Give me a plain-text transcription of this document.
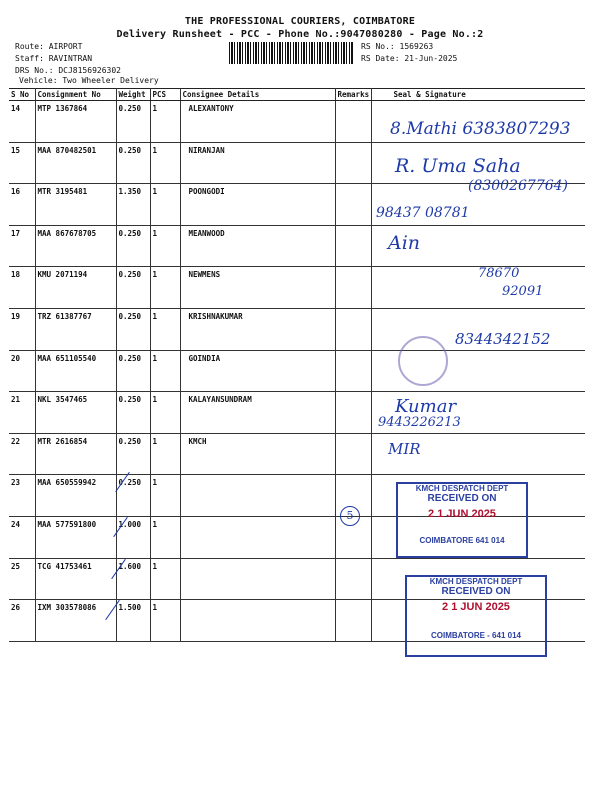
THE PROFESSIONAL COURIERS, COIMBATORE
Delivery Runsheet - PCC - Phone No.:9047080280 - Page No.:2
Route: AIRPORT
Staff: RAVINTRAN
DRS No.: DCJ8156926302
Vehicle: Two Wheeler Delivery
RS No.: 1569263
RS Date: 21-Jun-2025
S No	Consignment No	Weight	PCS	Consignee Details	Remarks	Seal & Signature
14	MTP 1367864	0.250	1	ALEXANTONY		
15	MAA 870482501	0.250	1	NIRANJAN		
16	MTR 3195481	1.350	1	POONGODI		
17	MAA 867678705	0.250	1	MEANWOOD		
18	KMU 2071194	0.250	1	NEWMENS		
19	TRZ 61387767	0.250	1	KRISHNAKUMAR		
20	MAA 651105540	0.250	1	GOINDIA		
21	NKL 3547465	0.250	1	KALAYANSUNDRAM		
22	MTR 2616854	0.250	1	KMCH		
23	MAA 650559942	0.250	1			
24	MAA 577591800	1.000	1			
25	TCG 41753461	1.600	1			
26	IXM 303578086	1.500	1			
8.Mathi 6383807293
R. Uma Saha
(8300267764)
98437 08781
Ain
78670
92091
8344342152
Kumar
9443226213
MIR
5
KMCH DESPATCH DEPT
RECEIVED ON
2 1 JUN 2025
COIMBATORE 641 014
KMCH DESPATCH DEPT
RECEIVED ON
2 1 JUN 2025
COIMBATORE - 641 014
